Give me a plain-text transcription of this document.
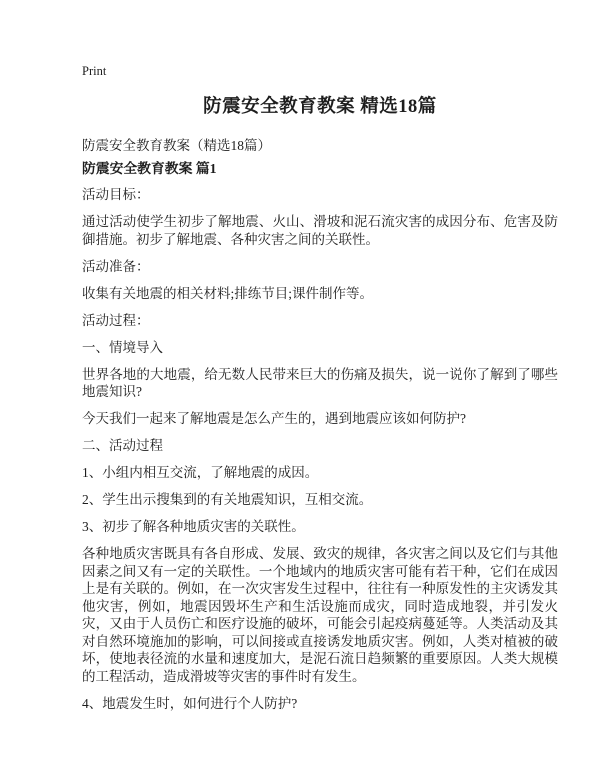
Print
防震安全教育教案 精选18篇

防震安全教育教案（精选18篇）

防震安全教育教案 篇1

活动目标：

通过活动使学生初步了解地震、火山、滑坡和泥石流灾害的成因分布、危害及防御措施。初步了解地震、各种灾害之间的关联性。

活动准备：

收集有关地震的相关材料;排练节目;课件制作等。

活动过程：

一、情境导入

世界各地的大地震，给无数人民带来巨大的伤痛及损失，说一说你了解到了哪些地震知识?

今天我们一起来了解地震是怎么产生的，遇到地震应该如何防护?

二、活动过程

1、小组内相互交流，了解地震的成因。

2、学生出示搜集到的有关地震知识，互相交流。

3、初步了解各种地质灾害的关联性。

各种地质灾害既具有各自形成、发展、致灾的规律，各灾害之间以及它们与其他因素之间又有一定的关联性。一个地域内的地质灾害可能有若干种，它们在成因上是有关联的。例如，在一次灾害发生过程中，往往有一种原发性的主灾诱发其他灾害，例如，地震因毁坏生产和生活设施而成灾，同时造成地裂，并引发火灾，又由于人员伤亡和医疗设施的破坏，可能会引起疫病蔓延等。人类活动及其对自然环境施加的影响，可以间接或直接诱发地质灾害。例如，人类对植被的破坏，使地表径流的水量和速度加大，是泥石流日趋频繁的重要原因。人类大规模的工程活动，造成滑坡等灾害的事件时有发生。

4、地震发生时，如何进行个人防护?
